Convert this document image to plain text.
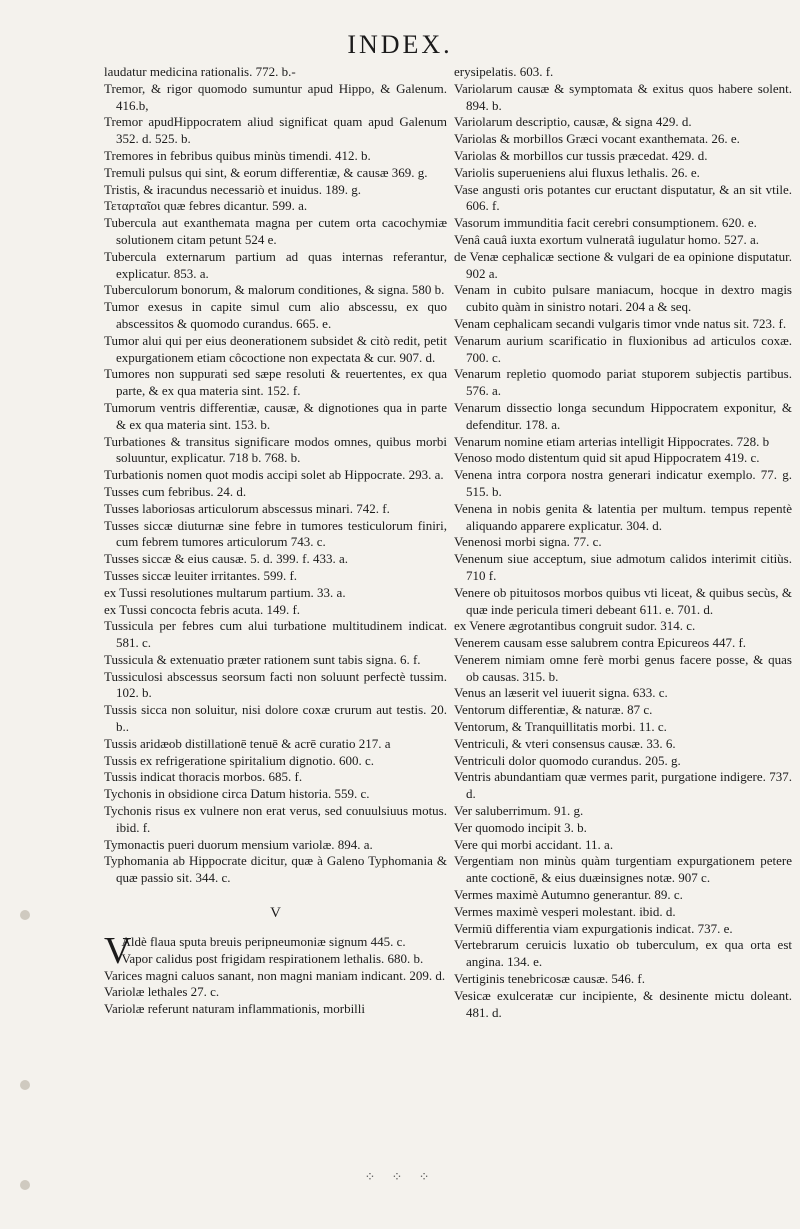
INDEX.

laudatur medicina rationalis. 772. b.-

Tremor, & rigor quomodo sumuntur apud Hippo, & Galenum. 416.b,

Tremor apudHippocratem aliud significat quam apud Galenum 352. d. 525. b.

Tremores in febribus quibus minùs timendi. 412. b.

Tremuli pulsus qui sint, & eorum differentiæ, & causæ 369. g.

Tristis, & iracundus necessariò et inuidus. 189. g.

Τεταρταῖοι quæ febres dicantur. 599. a.

Tubercula aut exanthemata magna per cutem orta cacochymiæ solutionem citam petunt 524 e.

Tubercula externarum partium ad quas internas referantur, explicatur. 853. a.

Tuberculorum bonorum, & malorum conditiones, & signa. 580 b.

Tumor exesus in capite simul cum alio abscessu, ex quo abscessitos & quomodo curandus. 665. e.

Tumor alui qui per eius deonerationem subsidet & citò redit, petit expurgationem etiam côcoctione non expectata & cur. 907. d.

Tumores non suppurati sed sæpe resoluti & reuertentes, ex qua parte, & ex qua materia sint. 152. f.

Tumorum ventris differentiæ, causæ, & dignotiones qua in parte & ex qua materia sint. 153. b.

Turbationes & transitus significare modos omnes, quibus morbi soluuntur, explicatur. 718 b. 768. b.

Turbationis nomen quot modis accipi solet ab Hippocrate. 293. a.

Tusses cum febribus. 24. d.

Tusses laboriosas articulorum abscessus minari. 742. f.

Tusses siccæ diuturnæ sine febre in tumores testiculorum finiri, cum febrem tumores articulorum 743. c.

Tusses siccæ & eius causæ. 5. d. 399. f. 433. a.

Tusses siccæ leuiter irritantes. 599. f.

ex Tussi resolutiones multarum partium. 33. a.

ex Tussi concocta febris acuta. 149. f.

Tussicula per febres cum alui turbatione multitudinem indicat. 581. c.

Tussicula & extenuatio præter rationem sunt tabis signa. 6. f.

Tussiculosi abscessus seorsum facti non soluunt perfectè tussim. 102. b.

Tussis sicca non soluitur, nisi dolore coxæ crurum aut testis. 20. b..

Tussis aridæob distillationē tenuē & acrē curatio 217. a

Tussis ex refrigeratione spiritalium dignotio. 600. c.

Tussis indicat thoracis morbos. 685. f.

Tychonis in obsidione circa Datum historia. 559. c.

Tychonis risus ex vulnere non erat verus, sed conuulsiuus motus. ibid. f.

Tymonactis pueri duorum mensium variolæ. 894. a.

Typhomania ab Hippocrate dicitur, quæ à Galeno Typhomania & quæ passio sit. 344. c.

V

VAldè flaua sputa breuis peripneumoniæ signum 445. c.

Vapor calidus post frigidam respirationem lethalis. 680. b.

Varices magni caluos sanant, non magni maniam indicant. 209. d.

Variolæ lethales 27. c.

Variolæ referunt naturam inflammationis, morbilli

erysipelatis. 603. f.

Variolarum causæ & symptomata & exitus quos habere solent. 894. b.

Variolarum descriptio, causæ, & signa 429. d.

Variolas & morbillos Græci vocant exanthemata. 26. e.

Variolas & morbillos cur tussis præcedat. 429. d.

Variolis superueniens alui fluxus lethalis. 26. e.

Vase angusti oris potantes cur eructant disputatur, & an sit vtile. 606. f.

Vasorum immunditia facit cerebri consumptionem. 620. e.

Venâ cauâ iuxta exortum vulneratâ iugulatur homo. 527. a.

de Venæ cephalicæ sectione & vulgari de ea opinione disputatur. 902 a.

Venam in cubito pulsare maniacum, hocque in dextro magis cubito quàm in sinistro notari. 204 a & seq.

Venam cephalicam secandi vulgaris timor vnde natus sit. 723. f.

Venarum aurium scarificatio in fluxionibus ad articulos coxæ. 700. c.

Venarum repletio quomodo pariat stuporem subjectis partibus. 576. a.

Venarum dissectio longa secundum Hippocratem exponitur, & defenditur. 178. a.

Venarum nomine etiam arterias intelligit Hippocrates. 728. b

Venoso modo distentum quid sit apud Hippocratem 419. c.

Venena intra corpora nostra generari indicatur exemplo. 77. g. 515. b.

Venena in nobis genita & latentia per multum. tempus repentè aliquando apparere explicatur. 304. d.

Venenosi morbi signa. 77. c.

Venenum siue acceptum, siue admotum calidos interimit citiùs. 710 f.

Venere ob pituitosos morbos quibus vti liceat, & quibus secùs, & quæ inde pericula timeri debeant 611. e. 701. d.

ex Venere ægrotantibus congruit sudor. 314. c.

Venerem causam esse salubrem contra Epicureos 447. f.

Venerem nimiam omne ferè morbi genus facere posse, & quas ob causas. 315. b.

Venus an læserit vel iuuerit signa. 633. c.

Ventorum differentiæ, & naturæ. 87 c.

Ventorum, & Tranquillitatis morbi. 11. c.

Ventriculi, & vteri consensus causæ. 33. 6.

Ventriculi dolor quomodo curandus. 205. g.

Ventris abundantiam quæ vermes parit, purgatione indigere. 737. d.

Ver saluberrimum. 91. g.

Ver quomodo incipit 3. b.

Vere qui morbi accidant. 11. a.

Vergentiam non minùs quàm turgentiam expurgationem petere ante coctionē, & eius duæinsignes notæ. 907 c.

Vermes maximè Autumno generantur. 89. c.

Vermes maximè vesperi molestant. ibid. d.

Vermiū differentia viam expurgationis indicat. 737. e.

Vertebrarum ceruicis luxatio ob tuberculum, ex qua orta est angina. 134. e.

Vertiginis tenebricosæ causæ. 546. f.

Vesicæ exulceratæ cur incipiente, & desinente mictu doleant. 481. d.

⁘ ⁘ ⁘
